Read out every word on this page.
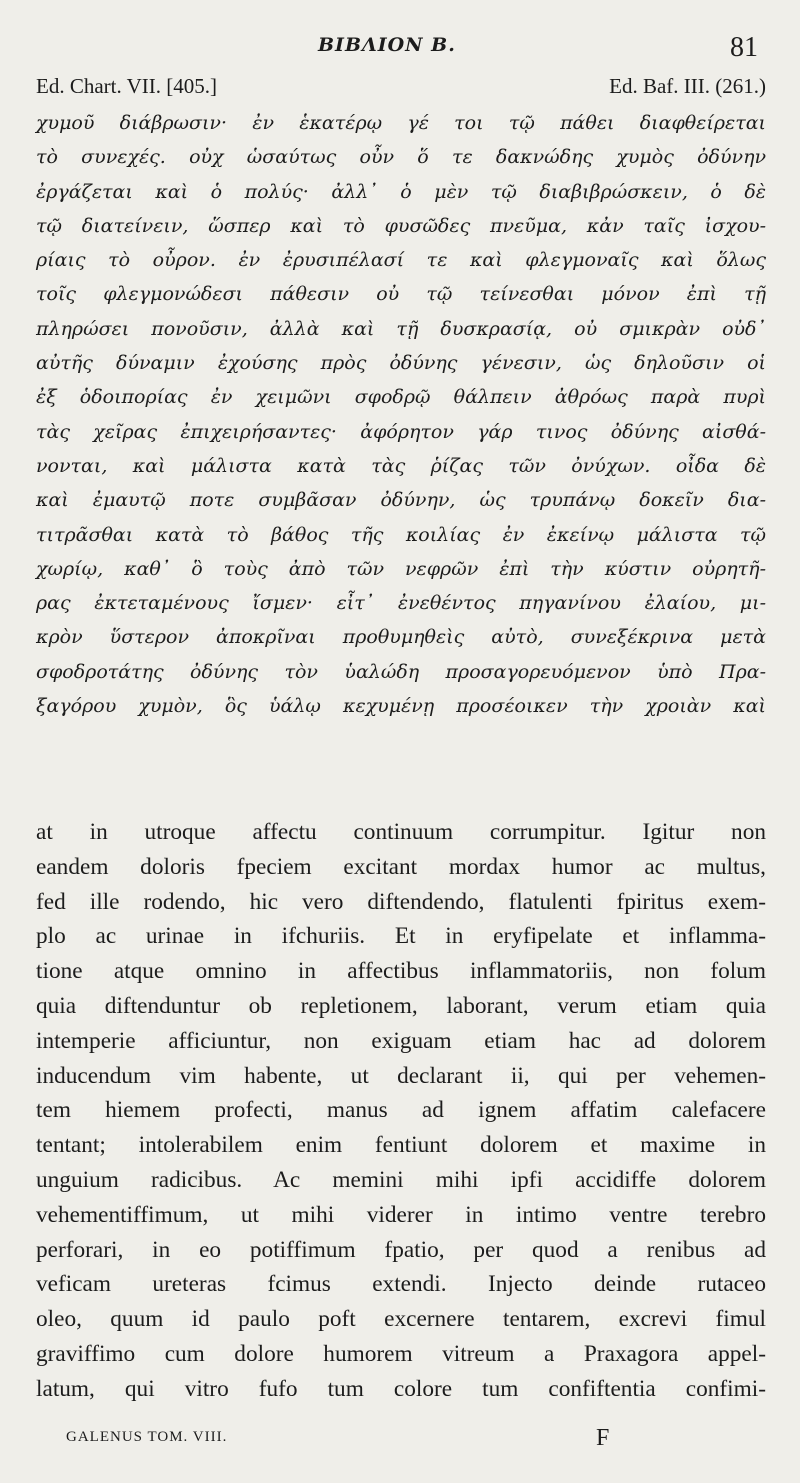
BIBΛΙΟΝ B.	81
Ed. Chart. VII. [405.]	Ed. Baf. III. (261.)
χυμοῦ διάβρωσιν· ἐν ἑκατέρῳ γέ τοι τῷ πάθει διαφθείρεται
τὸ συνεχές. οὐχ ὡσαύτως οὖν ὅ τε δακνώδης χυμὸς ὀδύνην
ἐργάζεται καὶ ὁ πολύς· ἀλλ᾽ ὁ μὲν τῷ διαβιβρώσκειν, ὁ δὲ
τῷ διατείνειν, ὥσπερ καὶ τὸ φυσῶδες πνεῦμα, κἀν ταῖς ἰσχου-
ρίαις τὸ οὖρον. ἐν ἐρυσιπέλασί τε καὶ φλεγμοναῖς καὶ ὅλως
τοῖς φλεγμονώδεσι πάθεσιν οὐ τῷ τείνεσθαι μόνον ἐπὶ τῇ
πληρώσει πονοῦσιν, ἀλλὰ καὶ τῇ δυσκρασίᾳ, οὐ σμικρὰν οὐδ᾽
αὐτῆς δύναμιν ἐχούσης πρὸς ὀδύνης γένεσιν, ὡς δηλοῦσιν οἱ
ἐξ ὁδοιπορίας ἐν χειμῶνι σφοδρῷ θάλπειν ἀθρόως παρὰ πυρὶ
τὰς χεῖρας ἐπιχειρήσαντες· ἀφόρητον γάρ τινος ὀδύνης αἰσθά-
νονται, καὶ μάλιστα κατὰ τὰς ῥίζας τῶν ὀνύχων. οἶδα δὲ
καὶ ἐμαυτῷ ποτε συμβᾶσαν ὀδύνην, ὡς τρυπάνῳ δοκεῖν δια-
τιτρᾶσθαι κατὰ τὸ βάθος τῆς κοιλίας ἐν ἐκείνῳ μάλιστα τῷ
χωρίῳ, καθ᾽ ὃ τοὺς ἀπὸ τῶν νεφρῶν ἐπὶ τὴν κύστιν οὐρητῆ-
ρας ἐκτεταμένους ἴσμεν· εἶτ᾽ ἐνεθέντος πηγανίνου ἐλαίου, μι-
κρὸν ὕστερον ἀποκρῖναι προθυμηθεὶς αὐτὸ, συνεξέκρινα μετὰ
σφοδροτάτης ὀδύνης τὸν ὑαλώδη προσαγορευόμενον ὑπὸ Πρα-
ξαγόρου χυμὸν, ὃς ὑάλῳ κεχυμένῃ προσέοικεν τὴν χροιὰν καὶ
at in utroque affectu continuum corrumpitur. Igitur non
eandem doloris fpeciem excitant mordax humor ac multus,
fed ille rodendo, hic vero diftendendo, flatulenti fpiritus exem-
plo ac urinae in ifchuriis. Et in eryfipelate et inflamma-
tione atque omnino in affectibus inflammatoriis, non folum
quia diftenduntur ob repletionem, laborant, verum etiam quia
intemperie afficiuntur, non exiguam etiam hac ad dolorem
inducendum vim habente, ut declarant ii, qui per vehemen-
tem hiemem profecti, manus ad ignem affatim calefacere
tentant; intolerabilem enim fentiunt dolorem et maxime in
unguium radicibus. Ac memini mihi ipfi accidiffe dolorem
vehementiffimum, ut mihi viderer in intimo ventre terebro
perforari, in eo potiffimum fpatio, per quod a renibus ad
veficam ureteras fcimus extendi. Injecto deinde rutaceo
oleo, quum id paulo poft excernere tentarem, excrevi fimul
graviffimo cum dolore humorem vitreum a Praxagora appel-
latum, qui vitro fufo tum colore tum confiftentia confimi-
GALENUS TOM. VIII.	F
